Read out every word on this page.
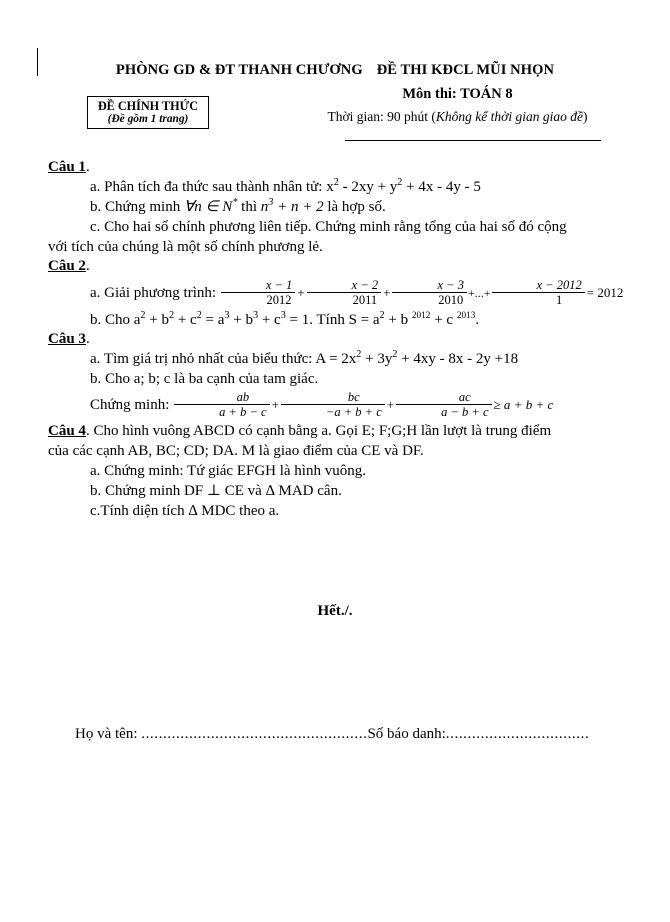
PHÒNG GD & ĐT THANH CHƯƠNG ĐỀ THI KĐCL MŨI NHỌN
Môn thi: TOÁN 8
Thời gian: 90 phút (Không kể thời gian giao đề)
ĐỀ CHÍNH THỨC
(Đề gồm 1 trang)
Câu 1.
a. Phân tích đa thức sau thành nhân tử: $x^2 - 2xy + y^2 + 4x - 4y - 5$
b. Chứng minh ∀n ∈ N* thì $n^3 + n + 2$ là hợp số.
c. Cho hai số chính phương liên tiếp. Chứng minh rằng tổng của hai số đó cộng
với tích của chúng là một số chính phương lẻ.
Câu 2.
a. Giải phương trình: $\frac{x - 1}{2012} + \frac{x - 2}{2011} + \frac{x - 3}{2010}$ +...+ $\frac{x - 2012}{1} = 2012$
b. Cho $a^2 + b^2 + c^2 = a^3 + b^3 + c^3 = 1$. Tính $S = a^2 + b$ $^{2012}$ + c $^{2013}$.
Câu 3.
a. Tìm giá trị nhỏ nhất của biểu thức: $A = 2x^2 + 3y^2 + 4xy - 8x - 2y +18$
b. Cho a; b; c là ba cạnh của tam giác.
Chứng minh: $\frac{ab}{a + b - c} + \frac{bc}{-a + b + c} + \frac{ac}{a - b + c} \ge a + b + c$
Câu 4. Cho hình vuông ABCD có cạnh bằng a. Gọi E; F;G;H lần lượt là trung điểm
của các cạnh AB, BC; CD; DA. M là giao điểm của CE và DF.
a. Chứng minh: Tứ giác EFGH là hình vuông.
b. Chứng minh DF ⊥ CE và ∆ MAD cân.
c.Tính diện tích ∆ MDC theo a.
Hết./.
Họ và tên: ....................................................Số báo danh:.................................
